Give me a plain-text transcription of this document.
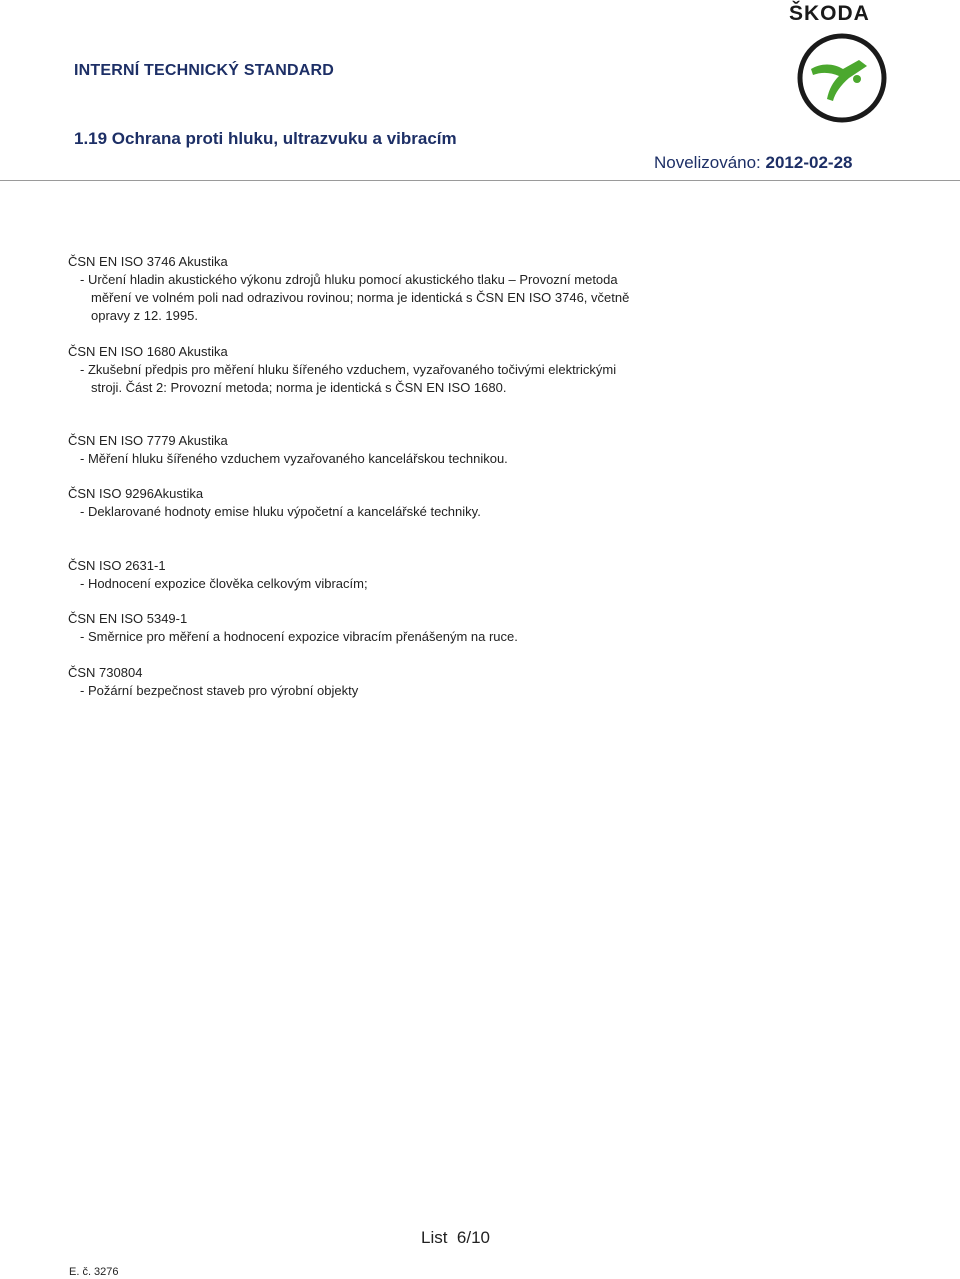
ŠKODA
INTERNÍ TECHNICKÝ STANDARD
1.19 Ochrana proti hluku, ultrazvuku a vibracím
Novelizováno: 2012-02-28
ČSN EN ISO 3746 Akustika
- Určení hladin akustického výkonu zdrojů hluku pomocí akustického tlaku – Provozní metoda měření ve volném poli nad odrazivou rovinou; norma je identická s ČSN EN ISO 3746, včetně opravy z 12. 1995.
ČSN EN ISO 1680 Akustika
- Zkušební předpis pro měření hluku šířeného vzduchem, vyzařovaného točivými elektrickými stroji. Část 2: Provozní metoda; norma je identická s ČSN EN ISO 1680.
ČSN EN ISO 7779 Akustika
- Měření hluku šířeného vzduchem vyzařovaného kancelářskou technikou.
ČSN ISO 9296Akustika
- Deklarované hodnoty emise hluku výpočetní a kancelářské techniky.
ČSN ISO 2631-1
- Hodnocení expozice člověka celkovým vibracím;
ČSN EN ISO 5349-1
- Směrnice pro měření a hodnocení expozice vibracím přenášeným na ruce.
ČSN 730804
- Požární bezpečnost staveb pro výrobní objekty
List 6/10
E. č. 3276
